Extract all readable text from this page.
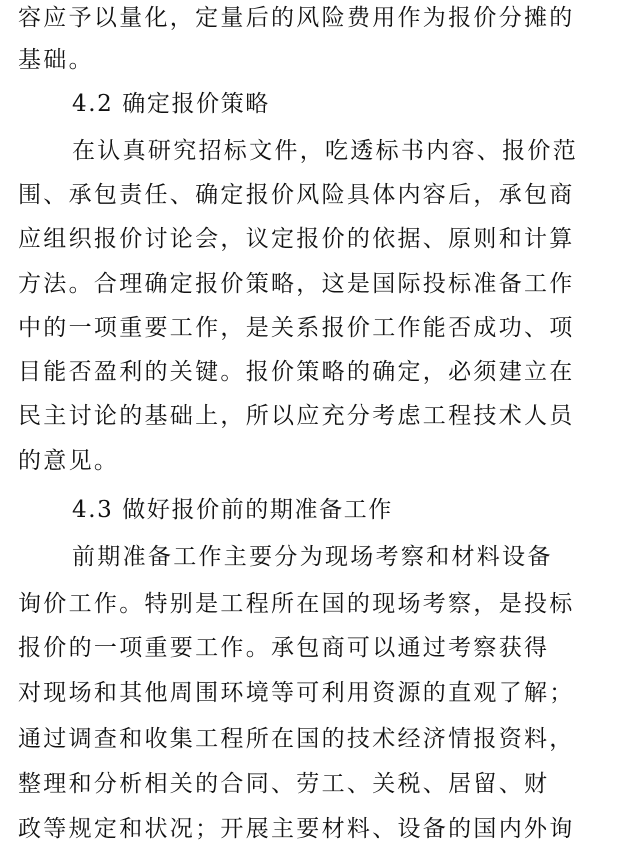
容应予以量化，定量后的风险费用作为报价分摊的
基础。
4.2 确定报价策略
在认真研究招标文件，吃透标书内容、报价范
围、承包责任、确定报价风险具体内容后，承包商
应组织报价讨论会，议定报价的依据、原则和计算
方法。合理确定报价策略，这是国际投标准备工作
中的一项重要工作，是关系报价工作能否成功、项
目能否盈利的关键。报价策略的确定，必须建立在
民主讨论的基础上，所以应充分考虑工程技术人员
的意见。
4.3 做好报价前的期准备工作
前期准备工作主要分为现场考察和材料设备
询价工作。特别是工程所在国的现场考察，是投标
报价的一项重要工作。承包商可以通过考察获得
对现场和其他周围环境等可利用资源的直观了解；
通过调查和收集工程所在国的技术经济情报资料，
整理和分析相关的合同、劳工、关税、居留、财
政等规定和状况；开展主要材料、设备的国内外询
